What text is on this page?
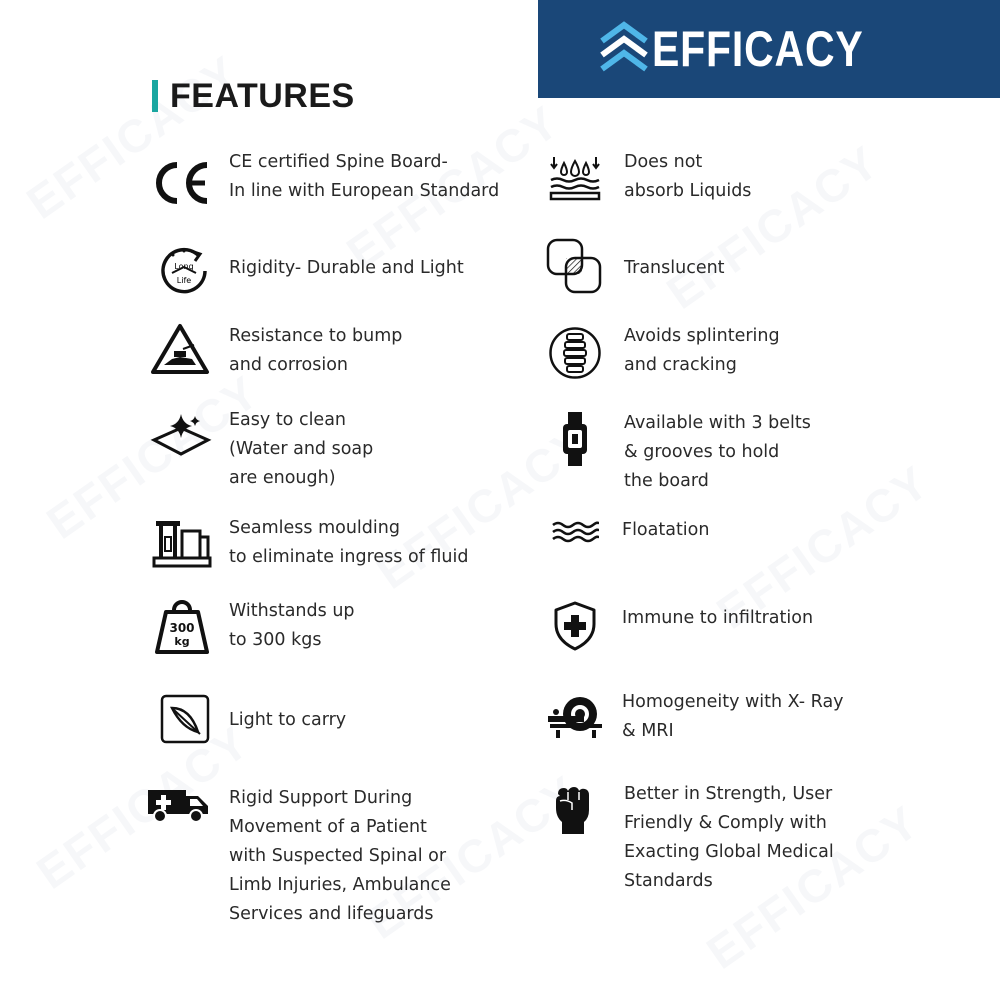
EFFICACY
FEATURES
CE certified Spine Board-
In line with European Standard
Long
Life
Rigidity- Durable and Light
Resistance to bump
and corrosion
Easy to clean
(Water and soap
are enough)
Seamless moulding
to eliminate ingress of fluid
300
kg
Withstands up
to 300 kgs
Light to carry
Rigid Support During
Movement of a Patient
with Suspected Spinal or
Limb Injuries, Ambulance
Services and lifeguards
Does not
absorb Liquids
Translucent
Avoids splintering
and cracking
Available with 3 belts
& grooves to hold
the board
Floatation
Immune to infiltration
Homogeneity with X- Ray
& MRI
Better in Strength, User
Friendly & Comply with
Exacting Global Medical
Standards
